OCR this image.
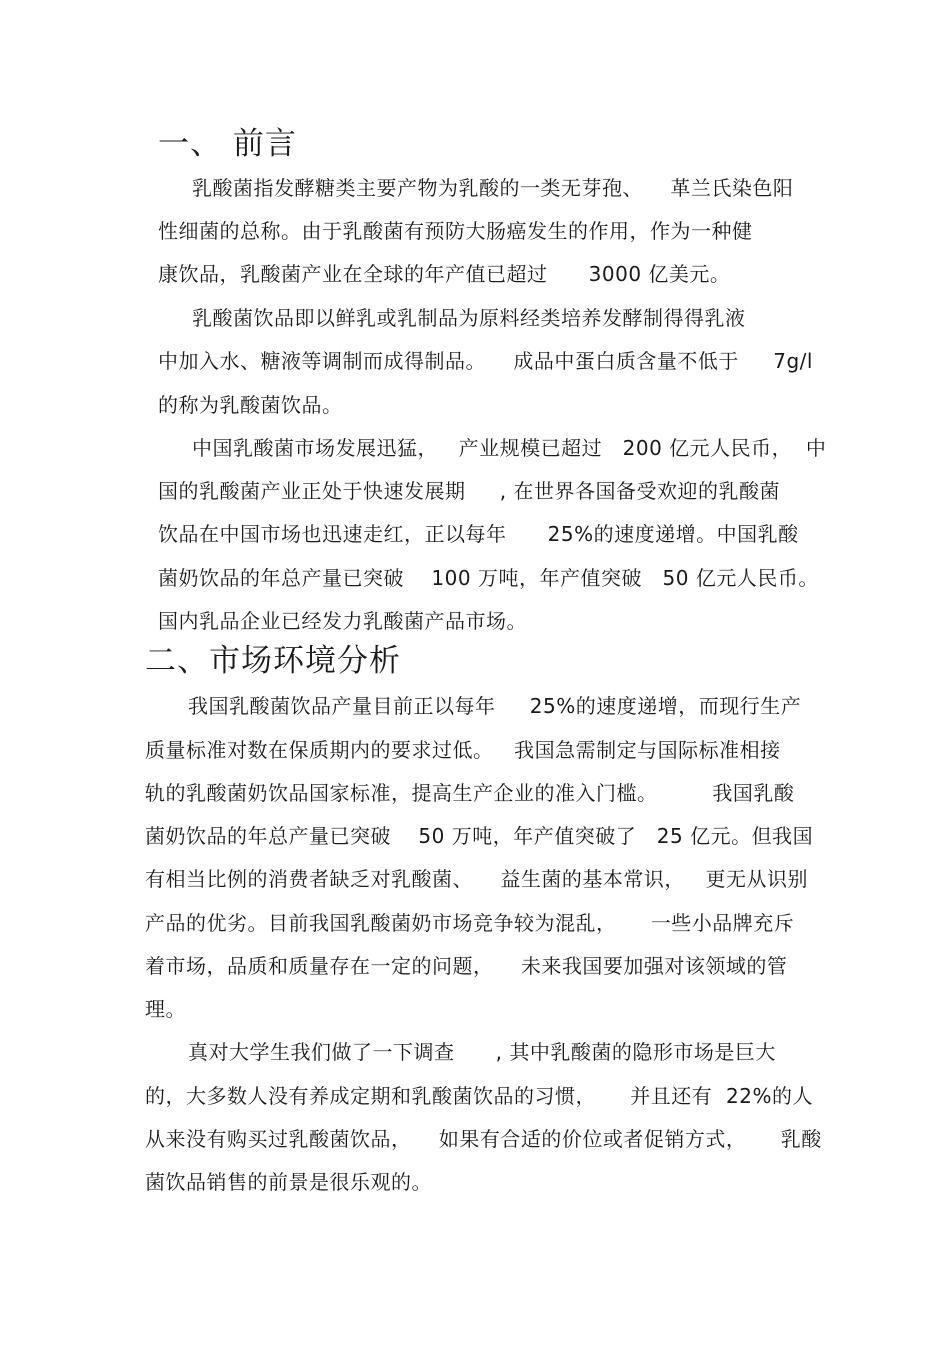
一、 前言
乳酸菌指发酵糖类主要产物为乳酸的一类无芽孢、    革兰氏染色阳
性细菌的总称。由于乳酸菌有预防大肠癌发生的作用，作为一种健
康饮品，乳酸菌产业在全球的年产值已超过      3000 亿美元。
乳酸菌饮品即以鲜乳或乳制品为原料经类培养发酵制得得乳液
中加入水、糖液等调制而成得制品。    成品中蛋白质含量不低于     7g/l
的称为乳酸菌饮品。
中国乳酸菌市场发展迅猛，   产业规模已超过   200 亿元人民币，  中
国的乳酸菌产业正处于快速发展期     , 在世界各国备受欢迎的乳酸菌
饮品在中国市场也迅速走红，正以每年      25%的速度递增。中国乳酸
菌奶饮品的年总产量已突破    100 万吨，年产值突破   50 亿元人民币。
国内乳品企业已经发力乳酸菌产品市场。
二、市场环境分析
我国乳酸菌饮品产量目前正以每年     25%的速度递增，而现行生产
质量标准对数在保质期内的要求过低。   我国急需制定与国际标准相接
轨的乳酸菌奶饮品国家标准，提高生产企业的准入门槛。        我国乳酸
菌奶饮品的年总产量已突破    50 万吨，年产值突破了   25 亿元。但我国
有相当比例的消费者缺乏对乳酸菌、    益生菌的基本常识，   更无从识别
产品的优劣。目前我国乳酸菌奶市场竞争较为混乱，     一些小品牌充斥
着市场，品质和质量存在一定的问题，    未来我国要加强对该领域的管
理。
真对大学生我们做了一下调查      , 其中乳酸菌的隐形市场是巨大
的，大多数人没有养成定期和乳酸菌饮品的习惯，     并且还有  22%的人
从来没有购买过乳酸菌饮品，    如果有合适的价位或者促销方式，     乳酸
菌饮品销售的前景是很乐观的。
